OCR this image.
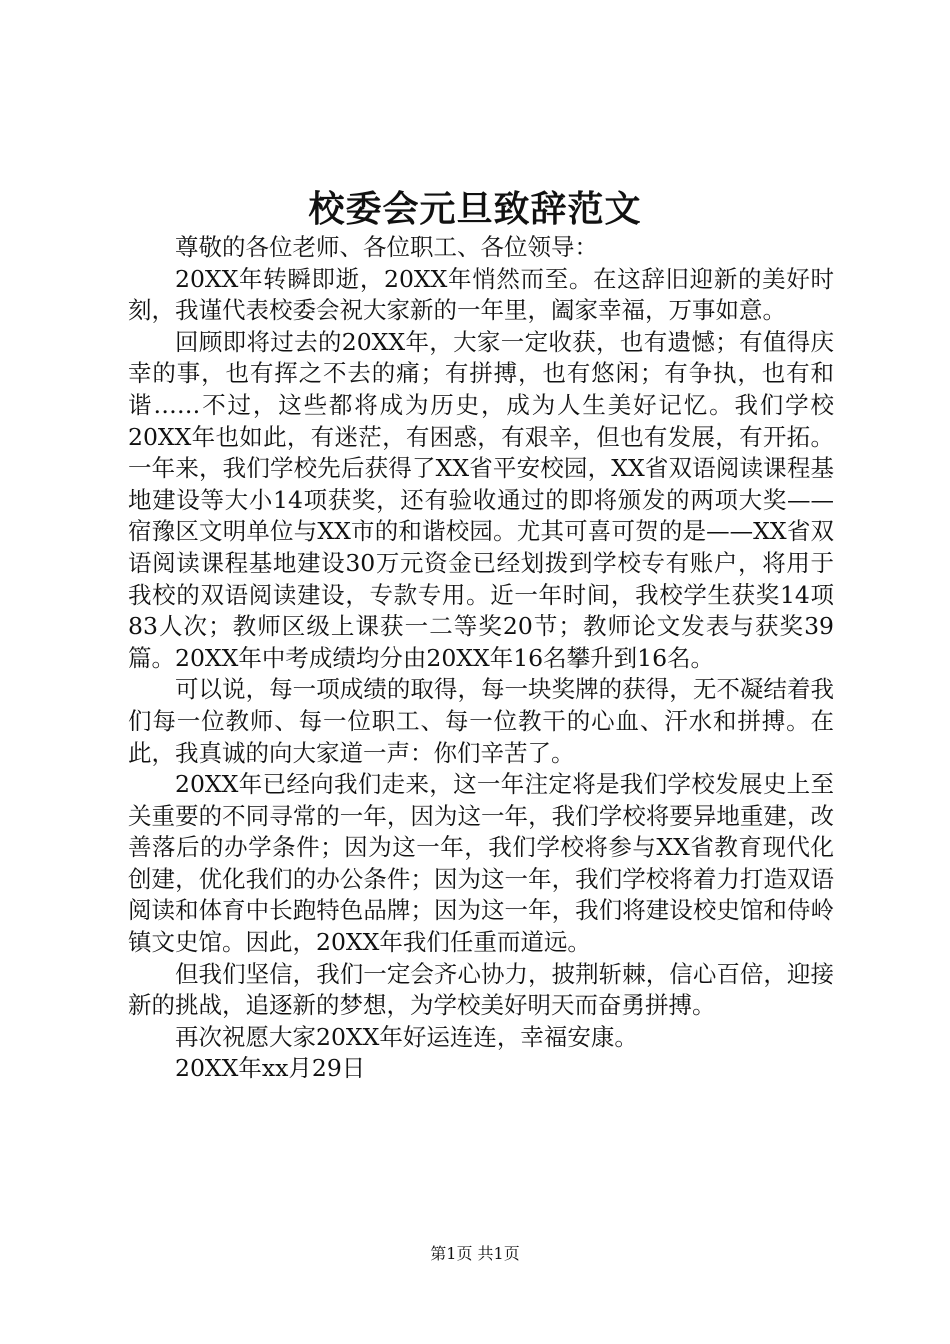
校委会元旦致辞范文

尊敬的各位老师、各位职工、各位领导：

20XX年转瞬即逝，20XX年悄然而至。在这辞旧迎新的美好时刻，我谨代表校委会祝大家新的一年里，阖家幸福，万事如意。

回顾即将过去的20XX年，大家一定收获，也有遗憾；有值得庆幸的事，也有挥之不去的痛；有拼搏，也有悠闲；有争执，也有和谐……不过，这些都将成为历史，成为人生美好记忆。我们学校20XX年也如此，有迷茫，有困惑，有艰辛，但也有发展，有开拓。一年来，我们学校先后获得了XX省平安校园，XX省双语阅读课程基地建设等大小14项获奖，还有验收通过的即将颁发的两项大奖——宿豫区文明单位与XX市的和谐校园。尤其可喜可贺的是——XX省双语阅读课程基地建设30万元资金已经划拨到学校专有账户，将用于我校的双语阅读建设，专款专用。近一年时间，我校学生获奖14项83人次；教师区级上课获一二等奖20节；教师论文发表与获奖39篇。20XX年中考成绩均分由20XX年16名攀升到16名。

可以说，每一项成绩的取得，每一块奖牌的获得，无不凝结着我们每一位教师、每一位职工、每一位教干的心血、汗水和拼搏。在此，我真诚的向大家道一声：你们辛苦了。

20XX年已经向我们走来，这一年注定将是我们学校发展史上至关重要的不同寻常的一年，因为这一年，我们学校将要异地重建，改善落后的办学条件；因为这一年，我们学校将参与XX省教育现代化创建，优化我们的办公条件；因为这一年，我们学校将着力打造双语阅读和体育中长跑特色品牌；因为这一年，我们将建设校史馆和侍岭镇文史馆。因此，20XX年我们任重而道远。

但我们坚信，我们一定会齐心协力，披荆斩棘，信心百倍，迎接新的挑战，追逐新的梦想，为学校美好明天而奋勇拼搏。

再次祝愿大家20XX年好运连连，幸福安康。

20XX年xx月29日

第1页 共1页
